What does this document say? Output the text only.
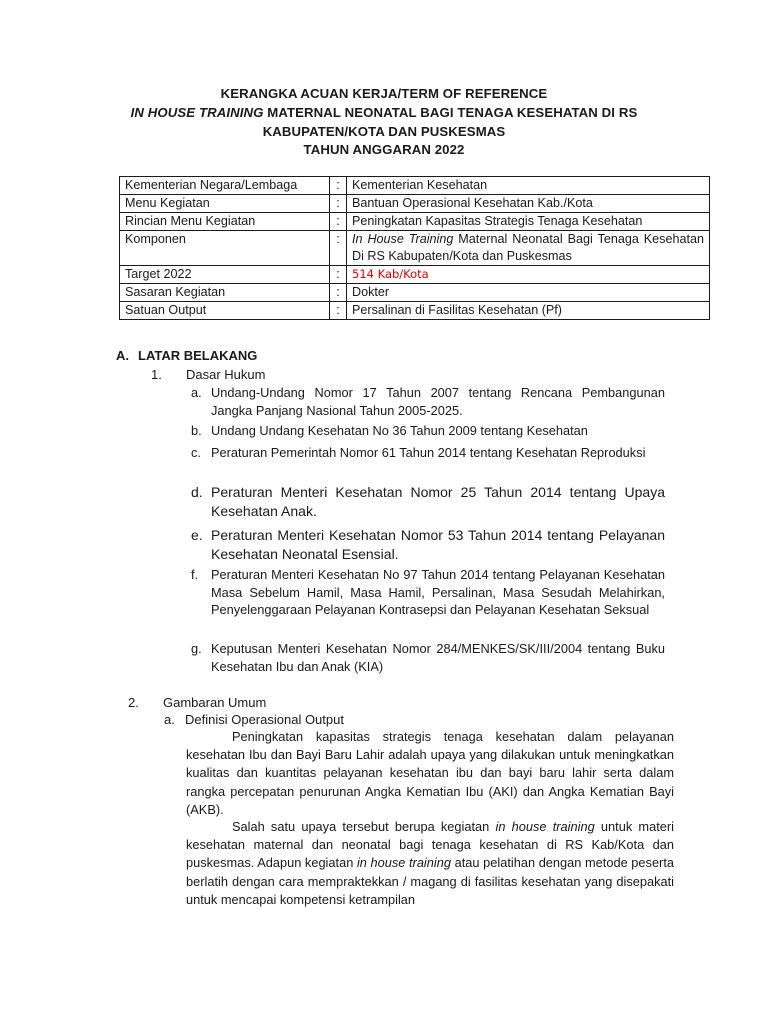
KERANGKA ACUAN KERJA/TERM OF REFERENCE
IN HOUSE TRAINING MATERNAL NEONATAL BAGI TENAGA KESEHATAN DI RS
KABUPATEN/KOTA DAN PUSKESMAS
TAHUN ANGGARAN 2022
Kementerian Negara/Lembaga	:	Kementerian Kesehatan
Menu Kegiatan	:	Bantuan Operasional Kesehatan Kab./Kota
Rincian Menu Kegiatan	:	Peningkatan Kapasitas Strategis Tenaga Kesehatan
Komponen	:	In House Training Maternal Neonatal Bagi Tenaga Kesehatan Di RS Kabupaten/Kota dan Puskesmas
Target 2022	:	514 Kab/Kota
Sasaran Kegiatan	:	Dokter
Satuan Output	:	Persalinan di Fasilitas Kesehatan (Pf)
A. LATAR BELAKANG
1. Dasar Hukum
a. Undang-Undang Nomor 17 Tahun 2007 tentang Rencana Pembangunan Jangka Panjang Nasional Tahun 2005-2025.
b. Undang Undang Kesehatan No 36 Tahun 2009 tentang Kesehatan
c. Peraturan Pemerintah Nomor 61 Tahun 2014 tentang Kesehatan Reproduksi
d. Peraturan Menteri Kesehatan Nomor 25 Tahun 2014 tentang Upaya Kesehatan Anak.
e. Peraturan Menteri Kesehatan Nomor 53 Tahun 2014 tentang Pelayanan Kesehatan Neonatal Esensial.
f. Peraturan Menteri Kesehatan No 97 Tahun 2014 tentang Pelayanan Kesehatan Masa Sebelum Hamil, Masa Hamil, Persalinan, Masa Sesudah Melahirkan, Penyelenggaraan Pelayanan Kontrasepsi dan Pelayanan Kesehatan Seksual
g. Keputusan Menteri Kesehatan Nomor 284/MENKES/SK/III/2004 tentang Buku Kesehatan Ibu dan Anak (KIA)
2. Gambaran Umum
a. Definisi Operasional Output
Peningkatan kapasitas strategis tenaga kesehatan dalam pelayanan kesehatan Ibu dan Bayi Baru Lahir adalah upaya yang dilakukan untuk meningkatkan kualitas dan kuantitas pelayanan kesehatan ibu dan bayi baru lahir serta dalam rangka percepatan penurunan Angka Kematian Ibu (AKI) dan Angka Kematian Bayi (AKB).
Salah satu upaya tersebut berupa kegiatan in house training untuk materi kesehatan maternal dan neonatal bagi tenaga kesehatan di RS Kab/Kota dan puskesmas. Adapun kegiatan in house training atau pelatihan dengan metode peserta berlatih dengan cara mempraktekkan / magang di fasilitas kesehatan yang disepakati untuk mencapai kompetensi ketrampilan
